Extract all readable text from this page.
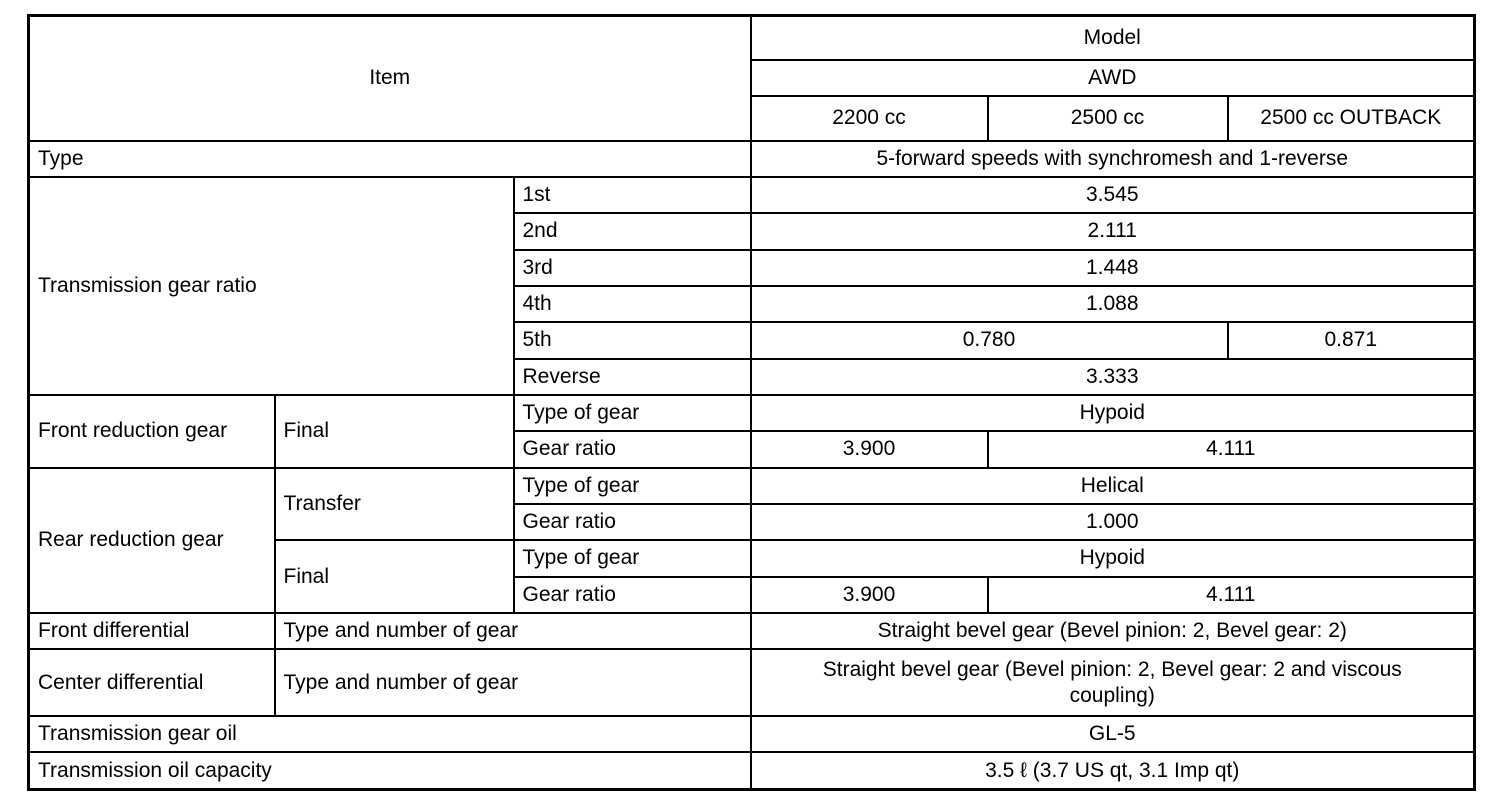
Item			Model		
			AWD		
			2200 cc	2500 cc	2500 cc OUTBACK
Type			5-forward speeds with synchromesh and 1-reverse		
Transmission gear ratio		1st	3.545		
		2nd	2.111		
		3rd	1.448		
		4th	1.088		
		5th	0.780		0.871
		Reverse	3.333		
Front reduction gear	Final	Type of gear	Hypoid		
		Gear ratio	3.900	4.111	
Rear reduction gear	Transfer	Type of gear	Helical		
		Gear ratio	1.000		
	Final	Type of gear	Hypoid		
		Gear ratio	3.900	4.111	
Front differential	Type and number of gear		Straight bevel gear (Bevel pinion: 2, Bevel gear: 2)		
Center differential	Type and number of gear		Straight bevel gear (Bevel pinion: 2, Bevel gear: 2 and viscous coupling)		
Transmission gear oil			GL-5		
Transmission oil capacity			3.5 ℓ (3.7 US qt, 3.1 Imp qt)		
